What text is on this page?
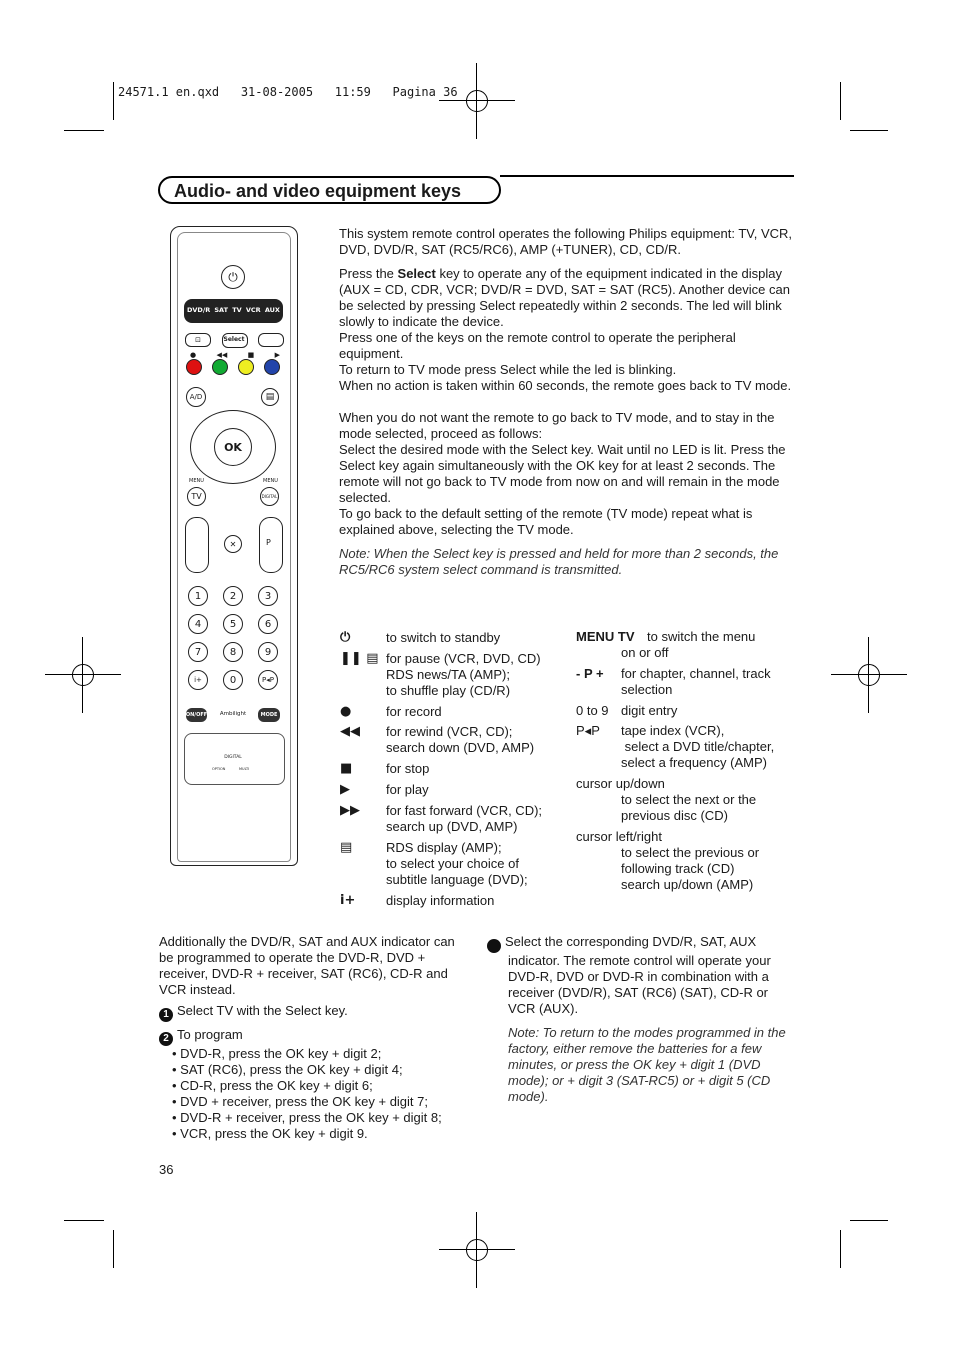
24571.1 en.qxd   31-08-2005   11:59   Pagina 36
Audio- and video equipment keys
⏻
DVD/R SAT TV VCR AUX
⊡	Select
●	◀◀	■	▶
A/D	▤
OK
MENU	MENU
TV	DIGITAL
✕	P
1	2	3
4	5	6
7	8	9
i+	0	P◂P
ON/OFF	Ambilight	MODE
DIGITAL
OPTION	MULTI

This system remote control operates the following Philips equipment: TV, VCR, DVD, DVD/R, SAT (RC5/RC6), AMP (+TUNER), CD, CD/R.

Press the Select key to operate any of the equipment indicated in the display

(AUX = CD, CDR, VCR; DVD/R = DVD, SAT = SAT (RC5). Another device can be selected by pressing Select repeatedly within 2 seconds. The led will blink slowly to indicate the device.

Press one of the keys on the remote control to operate the peripheral equipment.

To return to TV mode press Select while the led is blinking.

When no action is taken within 60 seconds, the remote goes back to TV mode.

When you do not want the remote to go back to TV mode, and to stay in the mode selected, proceed as follows:

Select the desired mode with the Select key. Wait until no LED is lit. Press the Select key again simultaneously with the OK key for at least 2 seconds. The remote will not go back to TV mode from now on and will remain in the mode selected.

To go back to the default setting of the remote (TV mode) repeat what is explained above, selecting the TV mode.

Note: When the Select key is pressed and held for more than 2 seconds, the RC5/RC6 system select command is transmitted.

⏻	to switch to standby

❚❚ ▤ for pause (VCR, DVD, CD)

RDS news/TA (AMP);

to shuffle play (CD/R)

●	for record

◀◀ for rewind (VCR, CD);

search down (DVD, AMP)

■	for stop

▶	for play

▶▶ for fast forward (VCR, CD);

search up (DVD, AMP)

▤	RDS display (AMP);

to select your choice of

subtitle language (DVD);

i+ display information

MENU TV to switch the menu

on or off

- P + for chapter, channel, track

selection

0 to 9 digit entry

P◂P tape index (VCR),

select a DVD title/chapter,

select a frequency (AMP)

cursor up/down

to select the next or the

previous disc (CD)

cursor left/right

to select the previous or

following track (CD)

search up/down (AMP)

Additionally the DVD/R, SAT and AUX indicator can be programmed to operate the DVD-R, DVD + receiver, DVD-R + receiver, SAT (RC6), CD-R and VCR instead.

1 Select TV with the Select key.

2 To program

• DVD-R, press the OK key + digit 2;

• SAT (RC6), press the OK key + digit 4;

• CD-R, press the OK key + digit 6;

• DVD + receiver, press the OK key + digit 7;

• DVD-R + receiver, press the OK key + digit 8;

• VCR, press the OK key + digit 9.

3 Select the corresponding DVD/R, SAT, AUX indicator. The remote control will operate your DVD-R, DVD or DVD-R in combination with a receiver (DVD/R), SAT (RC6) (SAT), CD-R or VCR (AUX).

Note: To return to the modes programmed in the factory, either remove the batteries for a few minutes, or press the OK key + digit 1 (DVD mode); or + digit 3 (SAT-RC5) or + digit 5 (CD mode).

36
